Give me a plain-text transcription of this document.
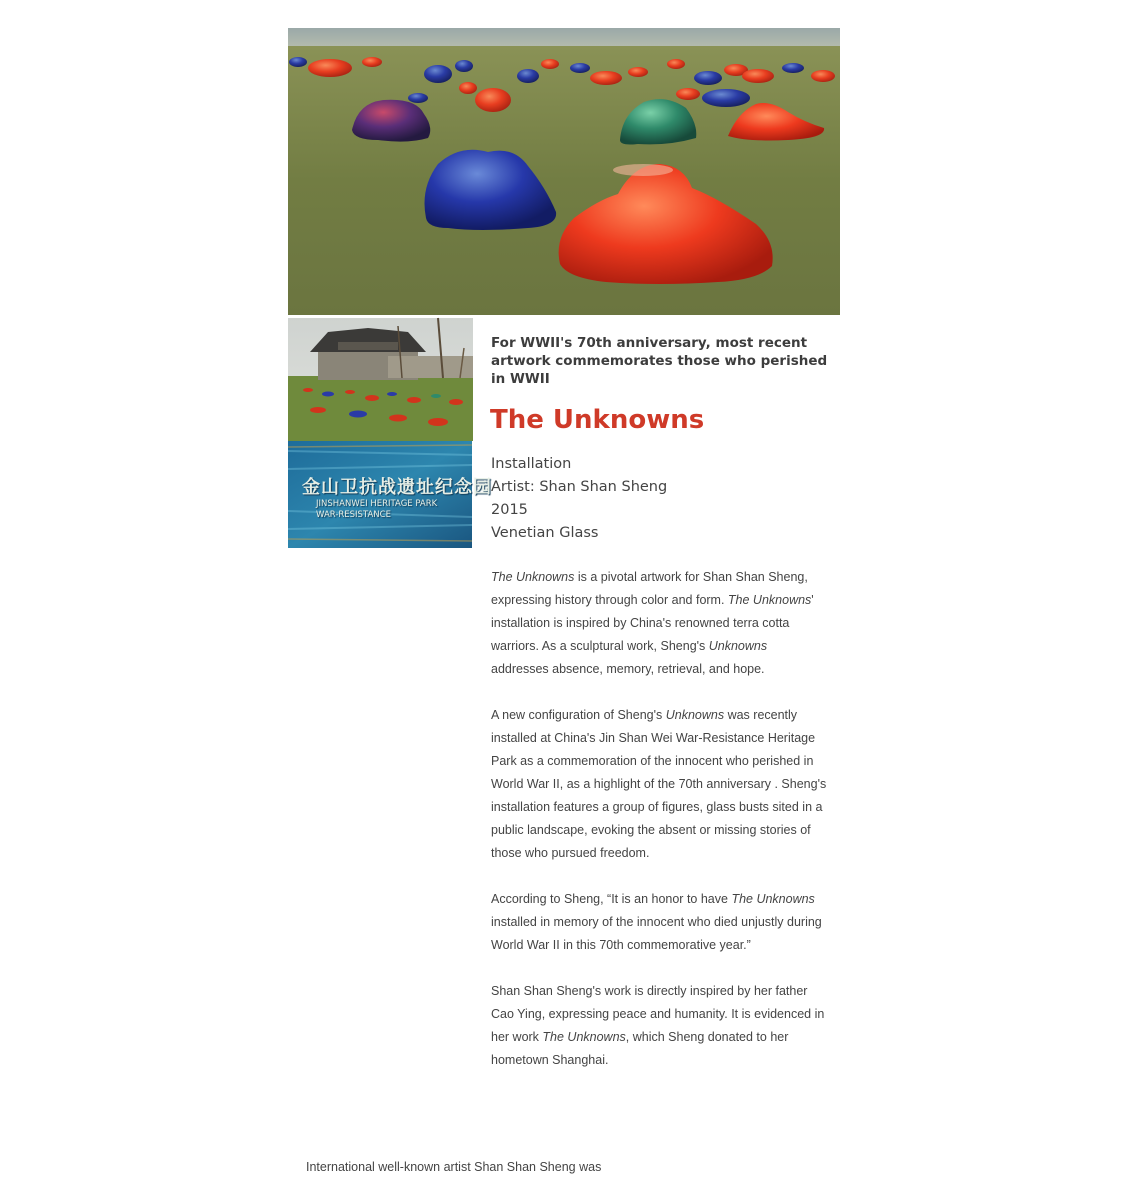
金山卫抗战遗址纪念园
JINSHANWEI HERITAGE PARK
WAR-RESISTANCE
For WWII's 70th anniversary, most recent artwork commemorates those who perished in WWII
The Unknowns
Installation
Artist: Shan Shan Sheng
2015
Venetian Glass

The Unknowns is a pivotal artwork for Shan Shan Sheng, expressing history through color and form. The Unknowns' installation is inspired by China's renowned terra cotta warriors. As a sculptural work, Sheng's Unknowns addresses absence, memory, retrieval, and hope.

A new configuration of Sheng's Unknowns was recently installed at China's Jin Shan Wei War-Resistance Heritage Park as a commemoration of the innocent who perished in World War II, as a highlight of the 70th anniversary . Sheng's installation features a group of figures, glass busts sited in a public landscape, evoking the absent or missing stories of those who pursued freedom.

According to Sheng, “It is an honor to have The Unknowns installed in memory of the innocent who died unjustly during World War II in this 70th commemorative year.”

Shan Shan Sheng's work is directly inspired by her father Cao Ying, expressing peace and humanity. It is evidenced in her work The Unknowns, which Sheng donated to her hometown Shanghai.

International well-known artist Shan Shan Sheng was
